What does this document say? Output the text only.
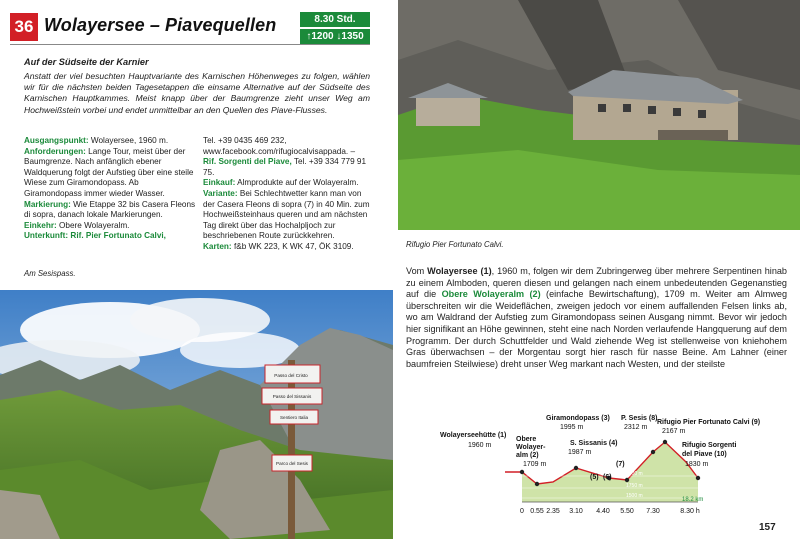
36 Wolayersee – Piavequellen	8.30 Std.
↑1200 ↓1350
Auf der Südseite der Karnier
Anstatt der viel besuchten Hauptvariante des Karnischen Höhenweges zu folgen, wählen wir für die nächsten beiden Tagesetappen die einsame Alternative auf der Südseite des Karnischen Hauptkammes. Meist knapp über der Baumgrenze zieht unser Weg am Hochweißstein vorbei und endet unmittelbar an den Quellen des Piave-Flusses.

Ausgangspunkt: Wolayersee, 1960 m.

Anforderungen: Lange Tour, meist über der Baumgrenze. Nach anfänglich ebener Waldquerung folgt der Aufstieg über eine steile Wiese zum Giramondopass. Ab Giramondopass immer wieder Wasser.

Markierung: Wie Etappe 32 bis Casera Fleons di sopra, danach lokale Markierungen.

Einkehr: Obere Wolayeralm.

Unterkunft: Rif. Pier Fortunato Calvi,

Tel. +39 0435 469 232, www.facebook.com/rifugiocalvisappada. – Rif. Sorgenti del Piave, Tel. +39 334 779 91 75.

Einkauf: Almprodukte auf der Wolayeralm.

Variante: Bei Schlechtwetter kann man von der Casera Fleons di sopra (7) in 40 Min. zum Hochweißsteinhaus queren und am nächsten Tag direkt über das Hochalpljoch zur beschriebenen Route zurückkehren.

Karten: f&b WK 223, K WK 47, ÖK 3109.

Am Sesispass.
Passo del Cristo
Passo del Sissanis
Sentiero Italia
Parco del Sesis
Rifugio Pier Fortunato Calvi.
Vom Wolayersee (1), 1960 m, folgen wir dem Zubringerweg über mehrere Serpentinen hinab zu einem Almboden, queren diesen und gelangen nach einem unbedeutenden Gegenanstieg auf die Obere Wolayeralm (2) (einfache Bewirtschaftung), 1709 m. Weiter am Almweg überschreiten wir die Weideflächen, zweigen jedoch vor einem auffallenden Felsen links ab, wo am Waldrand der Aufstieg zum Giramondopass seinen Ausgang nimmt. Bevor wir jedoch hier signifikant an Höhe gewinnen, steht eine nach Norden verlaufende Hangquerung auf dem Programm. Der durch Schuttfelder und Wald ziehende Weg ist stellenweise von kniehohem Gras überwachsen – der Morgentau sorgt hier rasch für nasse Beine. Am Lahner (einer baumfreien Steilwiese) dreht unser Weg markant nach Westen, und der steilste
Wolayerseehütte (1)
1960 m
Obere
Wolayer-
alm (2)
1709 m
Giramondopass (3)
1995 m
S. Sissanis (4)
1987 m
P. Sesis (8)
2312 m
Rifugio Pier Fortunato Calvi (9)
2167 m
Rifugio Sorgenti
del Piave (10)
1830 m
(5) (6)
(7)
2000 m
1750 m
1500 m
18.2 km
0 0.55 2.35 3.10 4.40 5.50 7.30	8.30 h
157
